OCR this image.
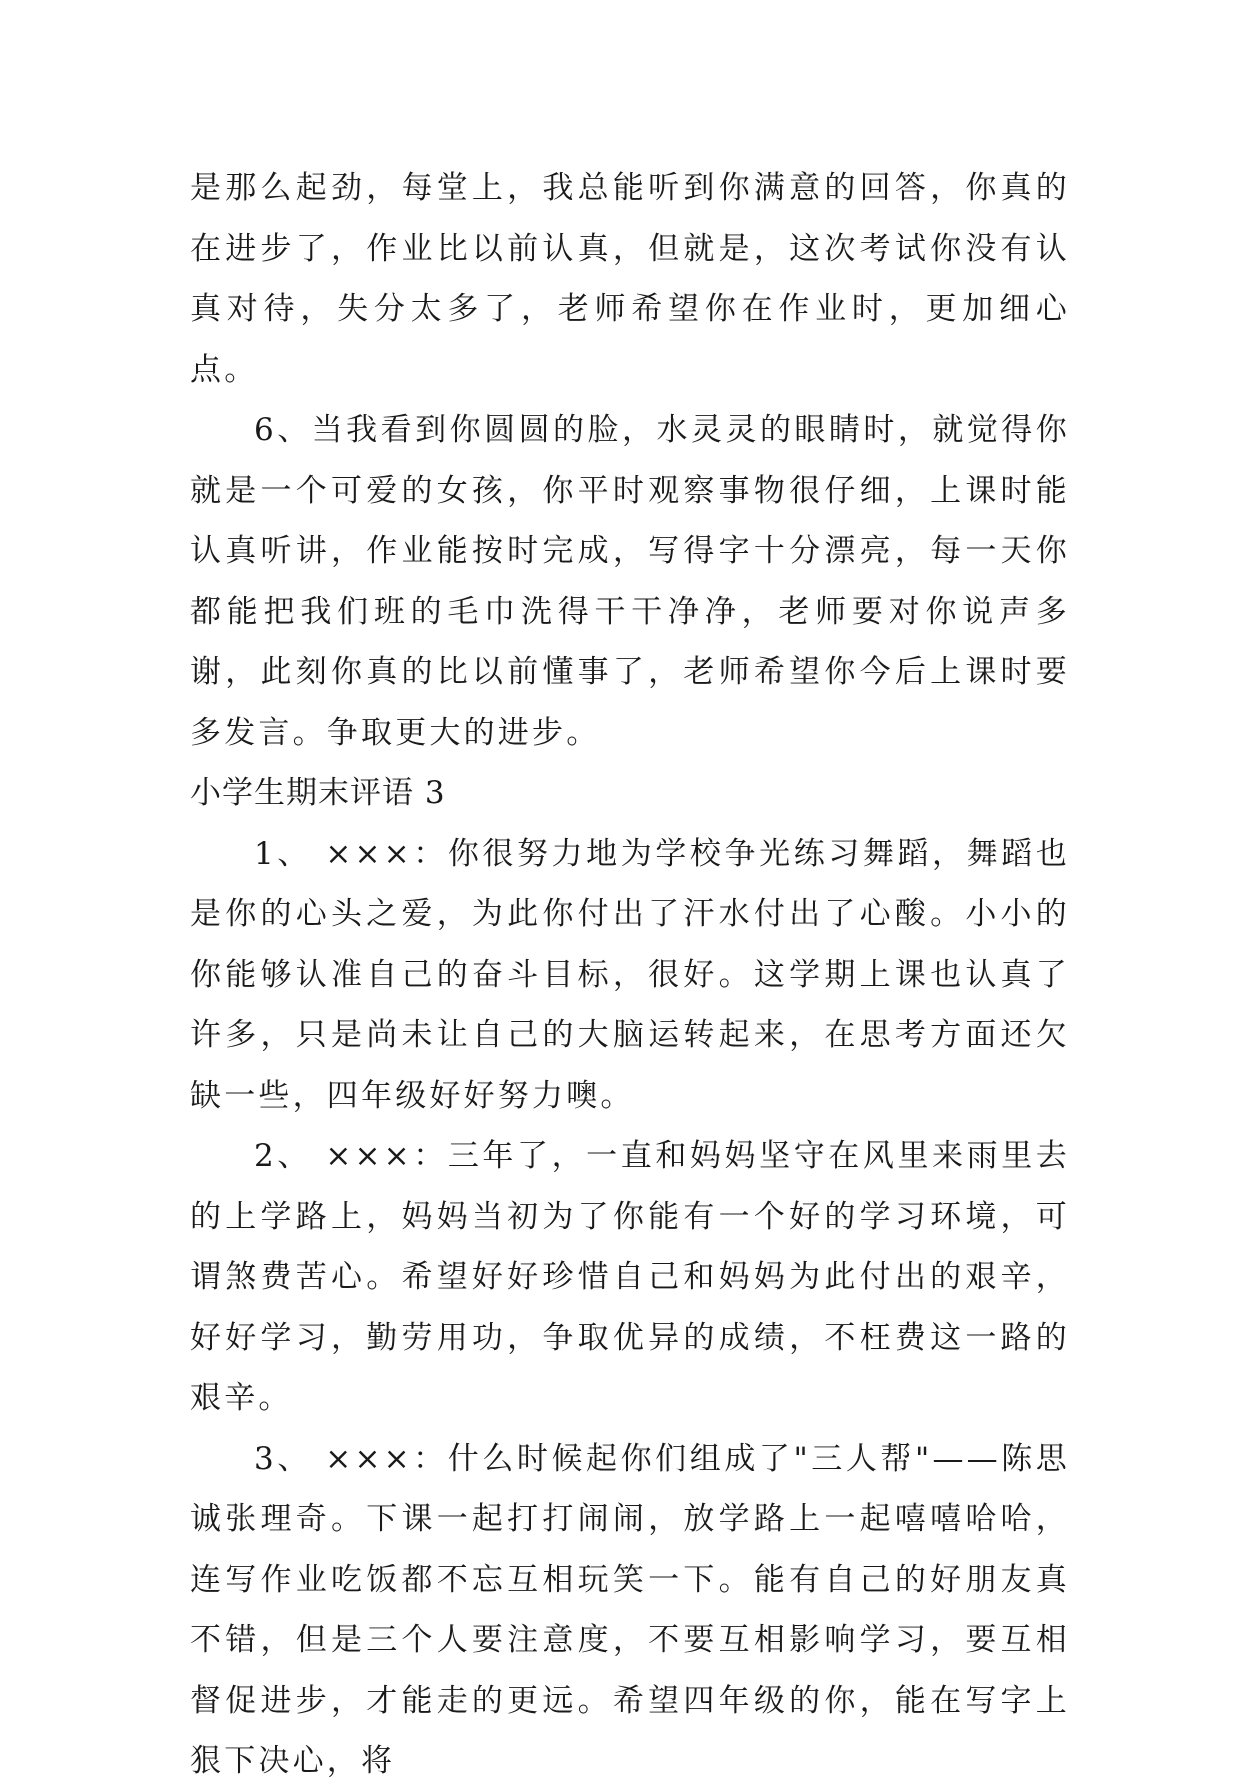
是那么起劲，每堂上，我总能听到你满意的回答，你真的在进步了，作业比以前认真，但就是，这次考试你没有认真对待，失分太多了，老师希望你在作业时，更加细心点。

6、当我看到你圆圆的脸，水灵灵的眼睛时，就觉得你就是一个可爱的女孩，你平时观察事物很仔细，上课时能认真听讲，作业能按时完成，写得字十分漂亮，每一天你都能把我们班的毛巾洗得干干净净，老师要对你说声多谢，此刻你真的比以前懂事了，老师希望你今后上课时要多发言。争取更大的进步。

小学生期末评语 3

1、 ×××：你很努力地为学校争光练习舞蹈，舞蹈也是你的心头之爱，为此你付出了汗水付出了心酸。小小的你能够认准自己的奋斗目标，很好。这学期上课也认真了许多，只是尚未让自己的大脑运转起来，在思考方面还欠缺一些，四年级好好努力噢。

2、 ×××：三年了，一直和妈妈坚守在风里来雨里去的上学路上，妈妈当初为了你能有一个好的学习环境，可谓煞费苦心。希望好好珍惜自己和妈妈为此付出的艰辛，好好学习，勤劳用功，争取优异的成绩，不枉费这一路的艰辛。

3、 ×××：什么时候起你们组成了"三人帮"——陈思诚张理奇。下课一起打打闹闹，放学路上一起嘻嘻哈哈，连写作业吃饭都不忘互相玩笑一下。能有自己的好朋友真不错，但是三个人要注意度，不要互相影响学习，要互相督促进步，才能走的更远。希望四年级的你，能在写字上狠下决心，将
